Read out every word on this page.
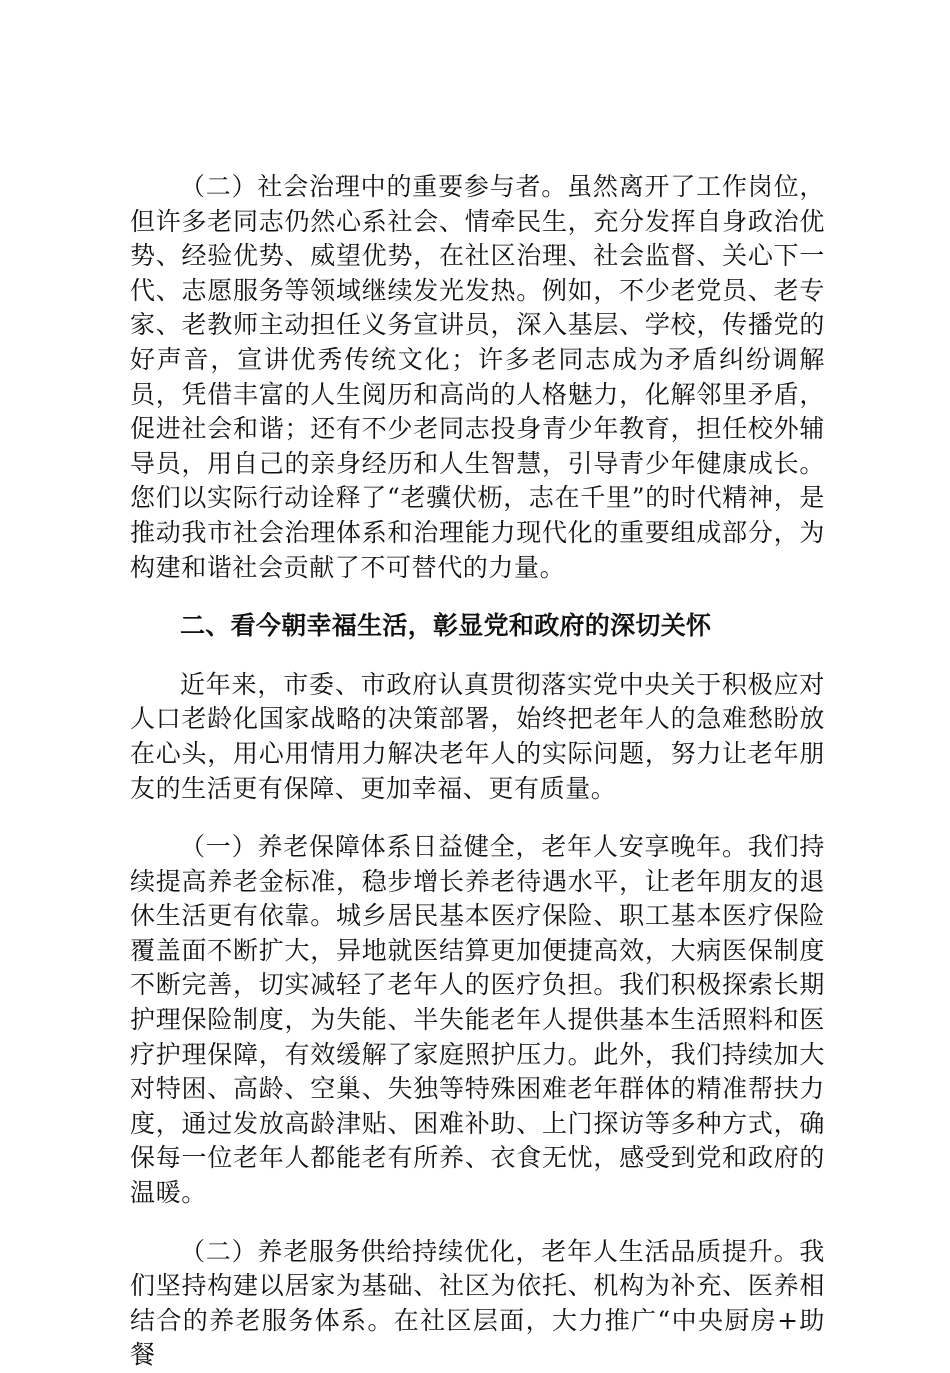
（二）社会治理中的重要参与者。虽然离开了工作岗位，但许多老同志仍然心系社会、情牵民生，充分发挥自身政治优势、经验优势、威望优势，在社区治理、社会监督、关心下一代、志愿服务等领域继续发光发热。例如，不少老党员、老专家、老教师主动担任义务宣讲员，深入基层、学校，传播党的好声音，宣讲优秀传统文化；许多老同志成为矛盾纠纷调解员，凭借丰富的人生阅历和高尚的人格魅力，化解邻里矛盾，促进社会和谐；还有不少老同志投身青少年教育，担任校外辅导员，用自己的亲身经历和人生智慧，引导青少年健康成长。您们以实际行动诠释了“老骥伏枥，志在千里”的时代精神，是推动我市社会治理体系和治理能力现代化的重要组成部分，为构建和谐社会贡献了不可替代的力量。

二、看今朝幸福生活，彰显党和政府的深切关怀

近年来，市委、市政府认真贯彻落实党中央关于积极应对人口老龄化国家战略的决策部署，始终把老年人的急难愁盼放在心头，用心用情用力解决老年人的实际问题，努力让老年朋友的生活更有保障、更加幸福、更有质量。

（一）养老保障体系日益健全，老年人安享晚年。我们持续提高养老金标准，稳步增长养老待遇水平，让老年朋友的退休生活更有依靠。城乡居民基本医疗保险、职工基本医疗保险覆盖面不断扩大，异地就医结算更加便捷高效，大病医保制度不断完善，切实减轻了老年人的医疗负担。我们积极探索长期护理保险制度，为失能、半失能老年人提供基本生活照料和医疗护理保障，有效缓解了家庭照护压力。此外，我们持续加大对特困、高龄、空巢、失独等特殊困难老年群体的精准帮扶力度，通过发放高龄津贴、困难补助、上门探访等多种方式，确保每一位老年人都能老有所养、衣食无忧，感受到党和政府的温暖。

（二）养老服务供给持续优化，老年人生活品质提升。我们坚持构建以居家为基础、社区为依托、机构为补充、医养相结合的养老服务体系。在社区层面，大力推广“中央厨房+助餐
